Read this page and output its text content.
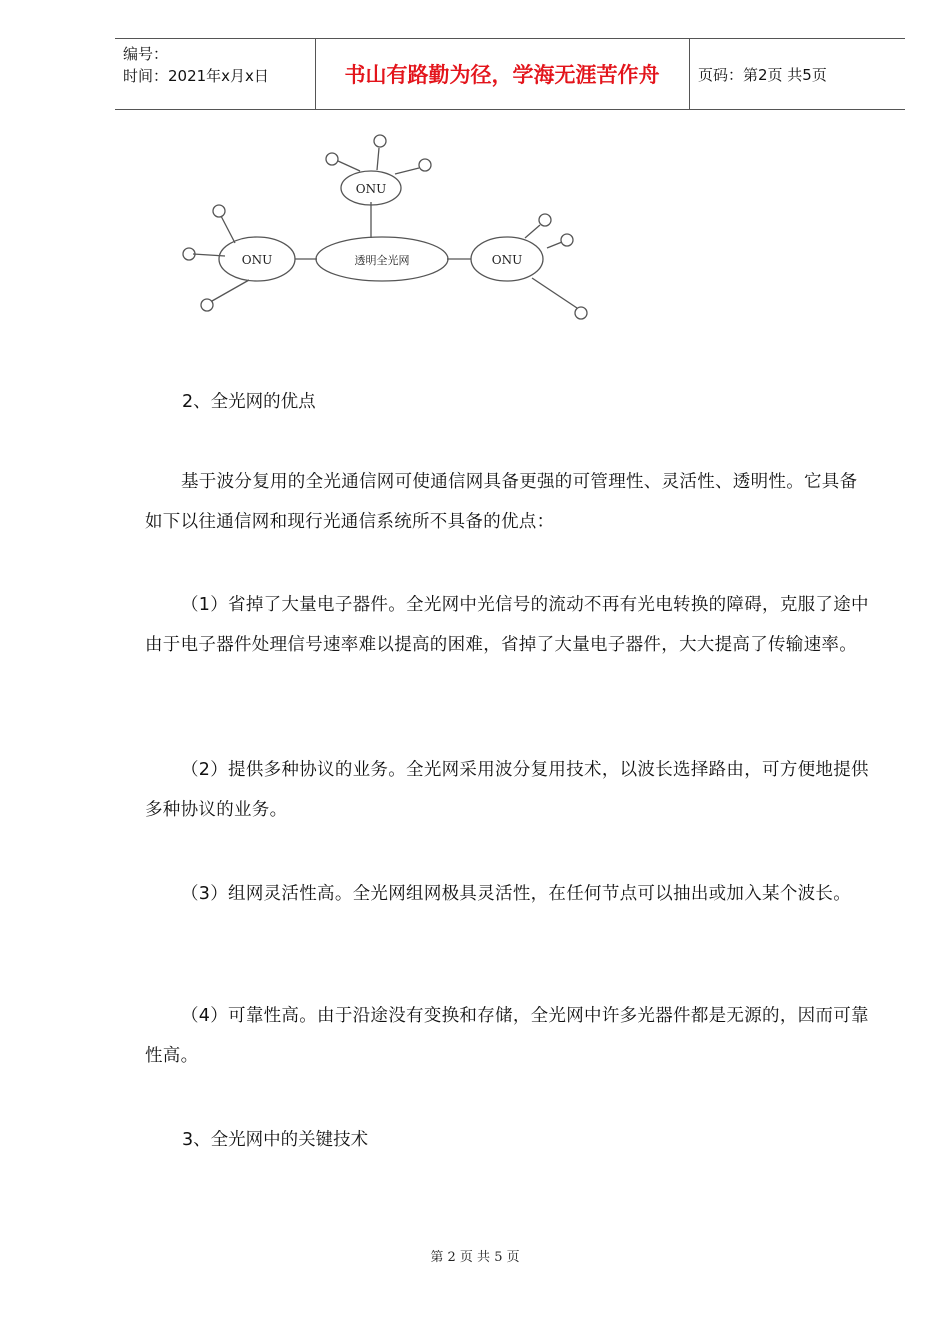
编号：
时间：2021年x月x日	书山有路勤为径，学海无涯苦作舟	页码：第2页 共5页
ONU
ONU	ONU
透明全光网
2、全光网的优点
基于波分复用的全光通信网可使通信网具备更强的可管理性、灵活性、透明性。它具备如下以往通信网和现行光通信系统所不具备的优点：
（1）省掉了大量电子器件。全光网中光信号的流动不再有光电转换的障碍，克服了途中由于电子器件处理信号速率难以提高的困难，省掉了大量电子器件，大大提高了传输速率。
（2）提供多种协议的业务。全光网采用波分复用技术，以波长选择路由，可方便地提供多种协议的业务。
（3）组网灵活性高。全光网组网极具灵活性，在任何节点可以抽出或加入某个波长。
（4）可靠性高。由于沿途没有变换和存储，全光网中许多光器件都是无源的，因而可靠性高。
3、全光网中的关键技术
第 2 页 共 5 页
